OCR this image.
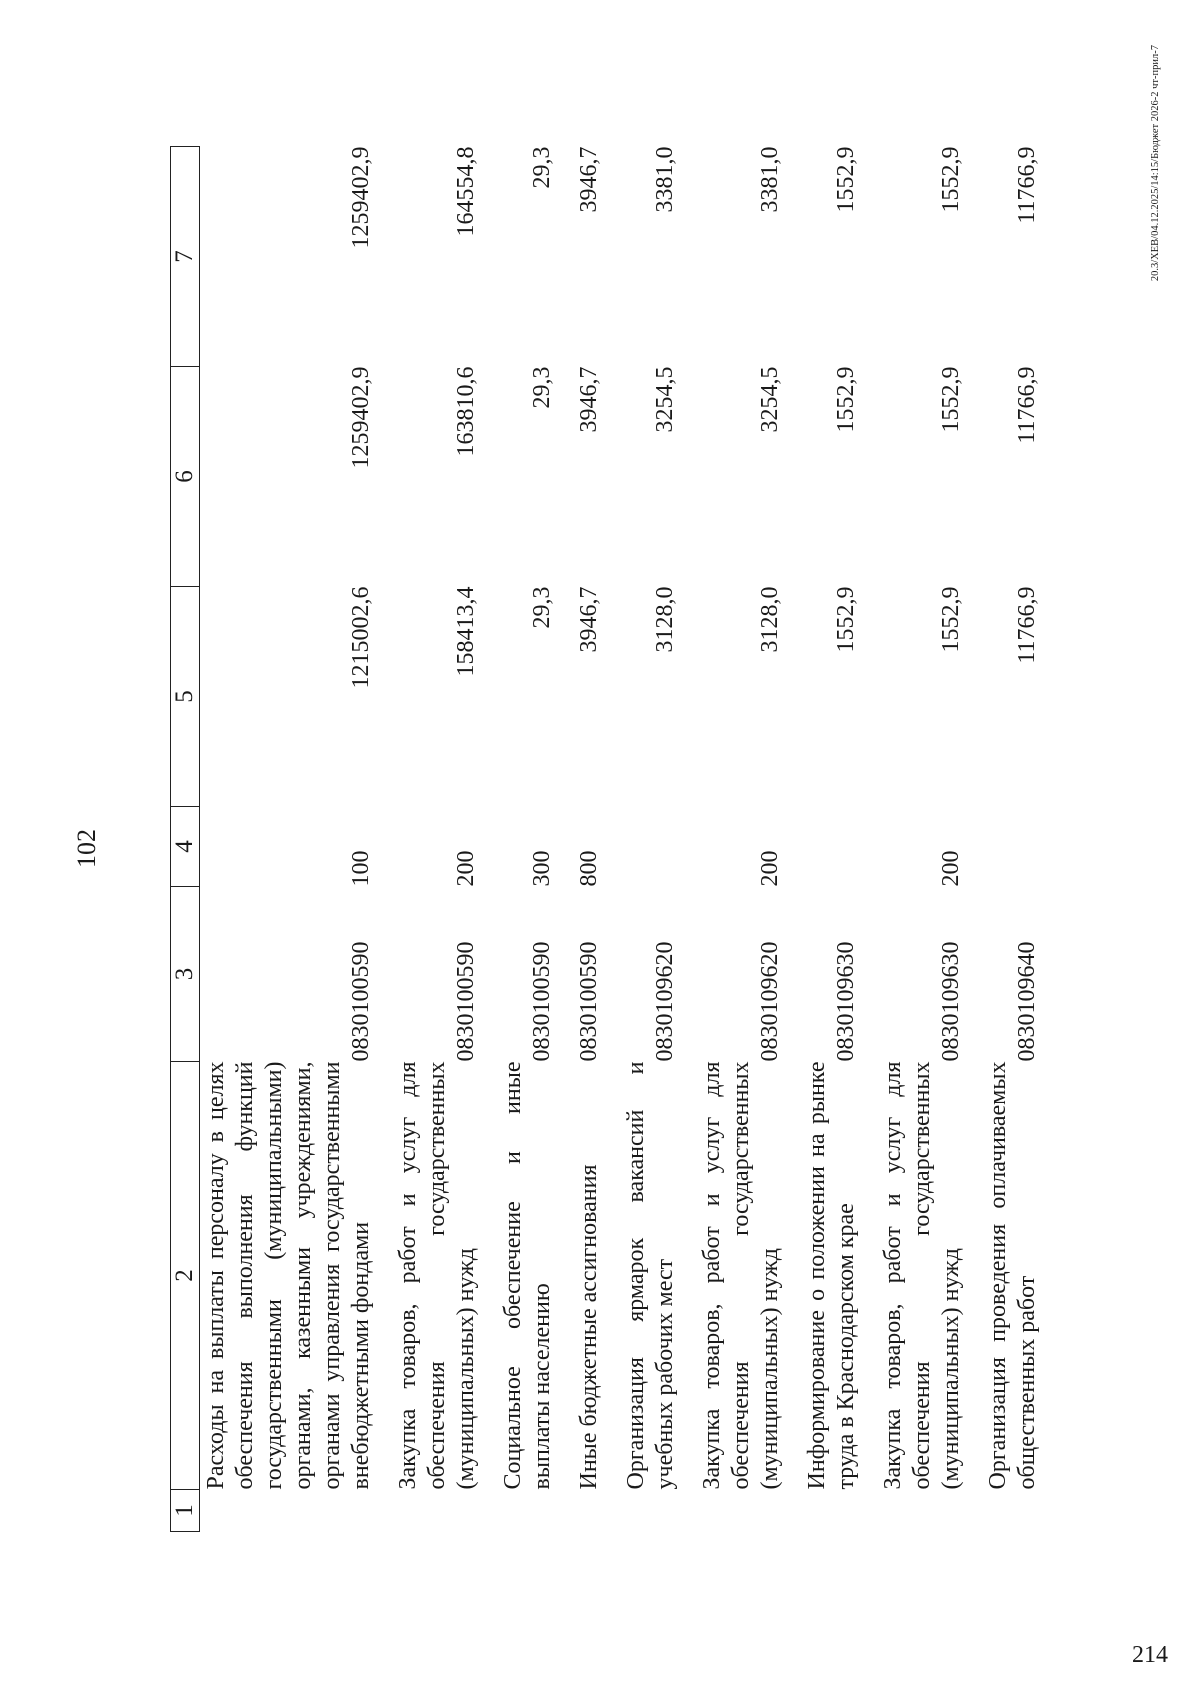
102
1	2	3	4	5	6	7
	Расходы на выплаты персоналу в целях обеспечения выполнения функций государственными (муниципальными) органами, казенными учреждениями, органами управления государственными внебюджетными фондами	0830100590	100	1215002,6	1259402,9	1259402,9
	Закупка товаров, работ и услуг для обеспечения государственных (муниципальных) нужд	0830100590	200	158413,4	163810,6	164554,8
	Социальное обеспечение и иные выплаты населению	0830100590	300	29,3	29,3	29,3
	Иные бюджетные ассигнования	0830100590	800	3946,7	3946,7	3946,7
	Организация ярмарок вакансий и учебных рабочих мест	0830109620		3128,0	3254,5	3381,0
	Закупка товаров, работ и услуг для обеспечения государственных (муниципальных) нужд	0830109620	200	3128,0	3254,5	3381,0
	Информирование о положении на рынке труда в Краснодарском крае	0830109630		1552,9	1552,9	1552,9
	Закупка товаров, работ и услуг для обеспечения государственных (муниципальных) нужд	0830109630	200	1552,9	1552,9	1552,9
	Организация проведения оплачиваемых общественных работ	0830109640		11766,9	11766,9	11766,9	20.3/XEB/04.12.2025/14:15/Бюджет 2026-2 чт-прил-7
214
